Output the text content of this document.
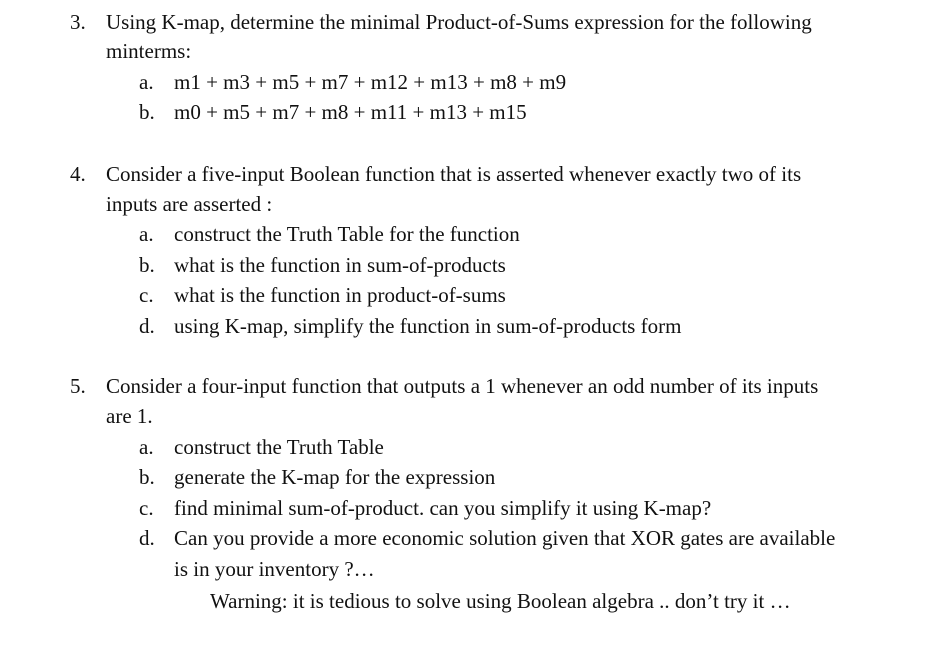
3. Using K-map, determine the minimal Product-of-Sums expression for the following
minterms:
a. m1 + m3 + m5 + m7 + m12 + m13 + m8 + m9
b. m0 + m5 + m7 + m8 + m11 + m13 + m15
4. Consider a five-input Boolean function that is asserted whenever exactly two of its
inputs are asserted :
a. construct the Truth Table for the function
b. what is the function in sum-of-products
c. what is the function in product-of-sums
d. using K-map, simplify the function in sum-of-products form
5. Consider a four-input function that outputs a 1 whenever an odd number of its inputs
are 1.
a. construct the Truth Table
b. generate the K-map for the expression
c. find minimal sum-of-product. can you simplify it using K-map?
d. Can you provide a more economic solution given that XOR gates are available
is in your inventory ?…
Warning: it is tedious to solve using Boolean algebra .. don’t try it …
